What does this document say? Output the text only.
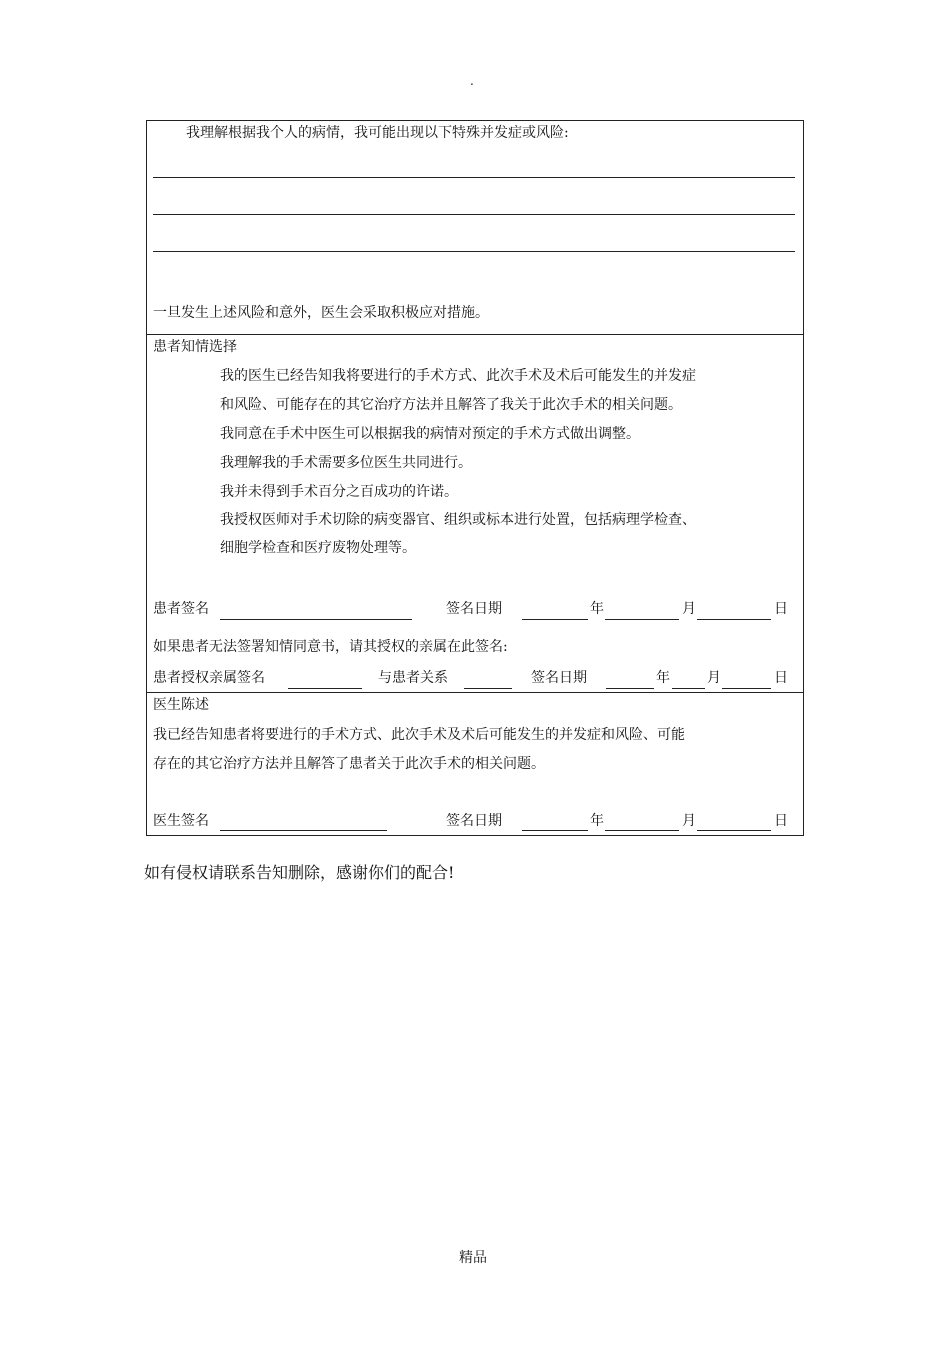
.
我理解根据我个人的病情，我可能出现以下特殊并发症或风险:
一旦发生上述风险和意外，医生会采取积极应对措施。
患者知情选择
我的医生已经告知我将要进行的手术方式、此次手术及术后可能发生的并发症
和风险、可能存在的其它治疗方法并且解答了我关于此次手术的相关问题。
我同意在手术中医生可以根据我的病情对预定的手术方式做出调整。
我理解我的手术需要多位医生共同进行。
我并未得到手术百分之百成功的许诺。
我授权医师对手术切除的病变器官、组织或标本进行处置，包括病理学检查、
细胞学检查和医疗废物处理等。
患者签名	签名日期	年	月	日
如果患者无法签署知情同意书，请其授权的亲属在此签名:
患者授权亲属签名	与患者关系	签名日期	年	月	日
医生陈述
我已经告知患者将要进行的手术方式、此次手术及术后可能发生的并发症和风险、可能
存在的其它治疗方法并且解答了患者关于此次手术的相关问题。
医生签名	签名日期	年	月	日
如有侵权请联系告知删除，感谢你们的配合!
精品
